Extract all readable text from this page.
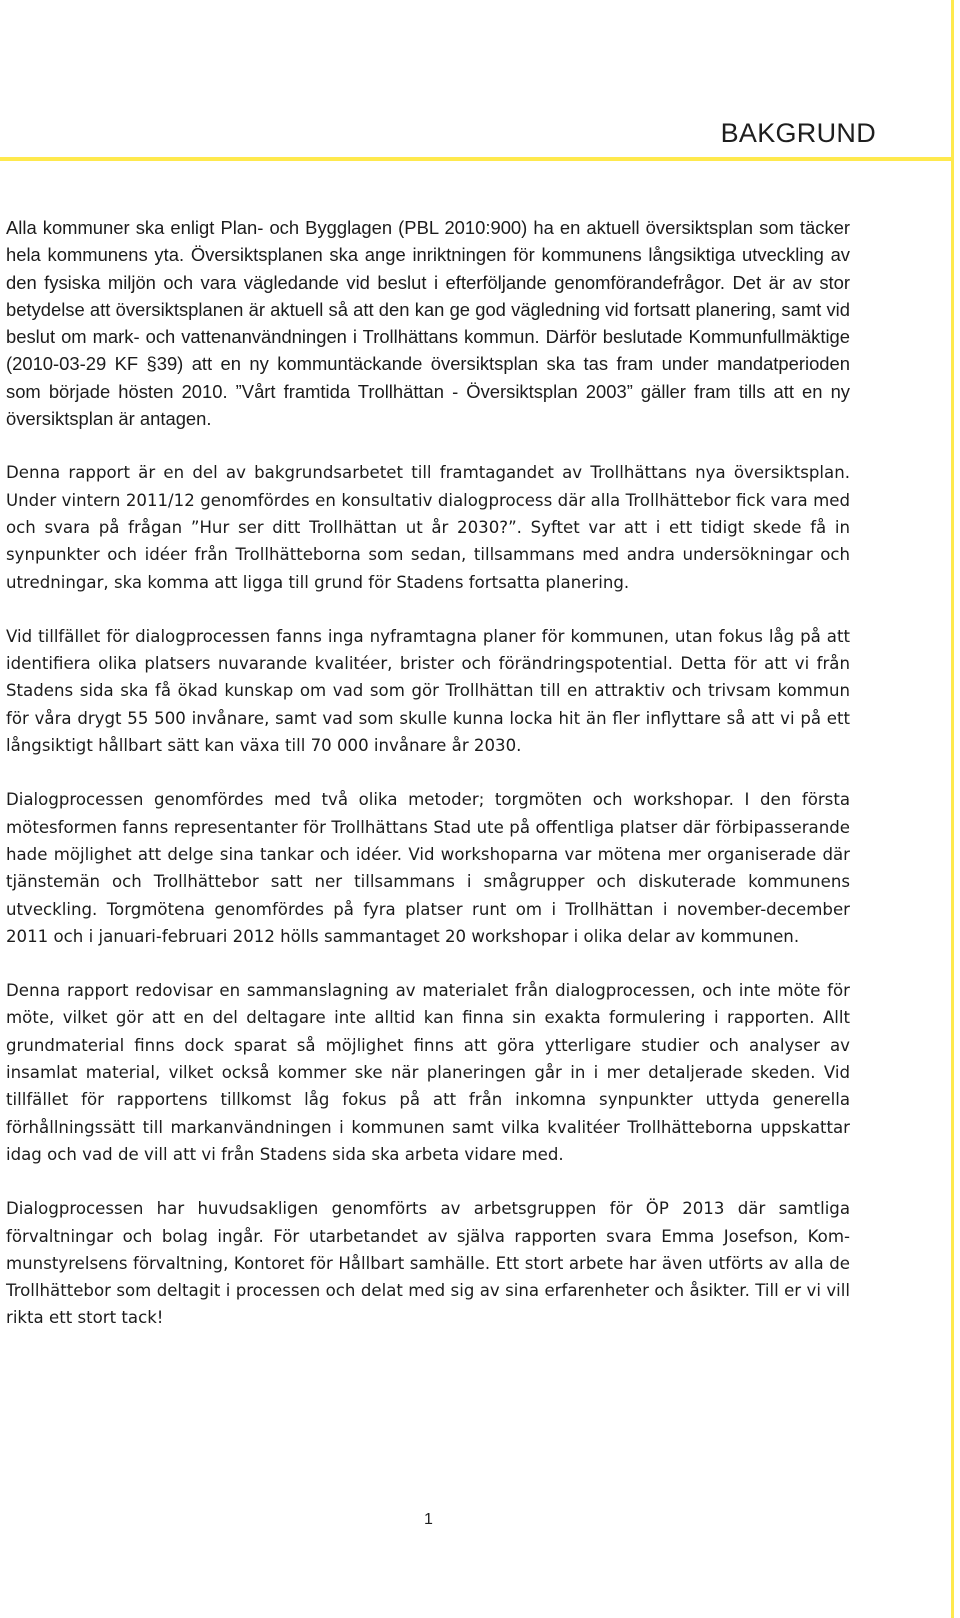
BAKGRUND

Alla kommuner ska enligt Plan- och Bygglagen (PBL 2010:900) ha en aktuell översiktsplan som täcker hela kommunens yta. Översiktsplanen ska ange inriktningen för kommunens långsiktiga utveckling av den fysiska miljön och vara vägledande vid beslut i efterföljande genomförandefrågor. Det är av stor betydelse att översiktsplanen är aktuell så att den kan ge god vägledning vid fortsatt planering, samt vid beslut om mark- och vattenanvändningen i Trollhättans kommun. Därför beslutade Kommunfullmäktige (2010-03-29 KF §39) att en ny kommuntäckande översiktsplan ska tas fram under mandatperioden som började hösten 2010. ”Vårt framtida Trollhättan - Översiktsplan 2003” gäller fram tills att en ny översiktsplan är antagen.

Denna rapport är en del av bakgrundsarbetet till framtagandet av Trollhättans nya översiktsplan. Under vintern 2011/12 genomfördes en konsultativ dialogprocess där alla Trollhättebor fick vara med och svara på frågan ”Hur ser ditt Trollhättan ut år 2030?”. Syftet var att i ett tidigt skede få in synpunkter och idéer från Trollhätteborna som sedan, tillsammans med andra undersökningar och utredningar, ska komma att ligga till grund för Stadens fortsatta planering.

Vid tillfället för dialogprocessen fanns inga nyframtagna planer för kommunen, utan fokus låg på att identifiera olika platsers nuvarande kvalitéer, brister och förändringspotential. Detta för att vi från Stadens sida ska få ökad kunskap om vad som gör Trollhättan till en attraktiv och trivsam kommun för våra drygt 55 500 invånare, samt vad som skulle kunna locka hit än fler inflyttare så att vi på ett långsiktigt hållbart sätt kan växa till 70 000 invånare år 2030.

Dialogprocessen genomfördes med två olika metoder; torgmöten och workshopar. I den första mötesformen fanns representanter för Trollhättans Stad ute på offentliga platser där förbipasserande hade möjlighet att delge sina tankar och idéer. Vid workshoparna var mötena mer organiserade där tjänstemän och Trollhättebor satt ner tillsammans i smågrupper och diskuterade kommunens utveckling. Torgmötena genomfördes på fyra platser runt om i Trollhättan i november-december 2011 och i januari-februari 2012 hölls sammantaget 20 workshopar i olika delar av kommunen.

Denna rapport redovisar en sammanslagning av materialet från dialogprocessen, och inte möte för möte, vilket gör att en del deltagare inte alltid kan finna sin exakta formulering i rapporten. Allt grundmaterial finns dock sparat så möjlighet finns att göra ytterligare studier och analyser av insamlat material, vilket också kommer ske när planeringen går in i mer detaljerade skeden. Vid tillfället för rapportens tillkomst låg fokus på att från inkomna synpunkter uttyda generella förhållningssätt till markanvändningen i kommunen samt vilka kvalitéer Trollhätteborna uppskattar idag och vad de vill att vi från Stadens sida ska arbeta vidare med.

Dialogprocessen har huvudsakligen genomförts av arbetsgruppen för ÖP 2013 där samtliga förvaltningar och bolag ingår. För utarbetandet av själva rapporten svara Emma Josefson, Kommunstyrelsens förvaltning, Kontoret för Hållbart samhälle. Ett stort arbete har även utförts av alla de Trollhättebor som deltagit i processen och delat med sig av sina erfarenheter och åsikter. Till er vi vill rikta ett stort tack!

1
